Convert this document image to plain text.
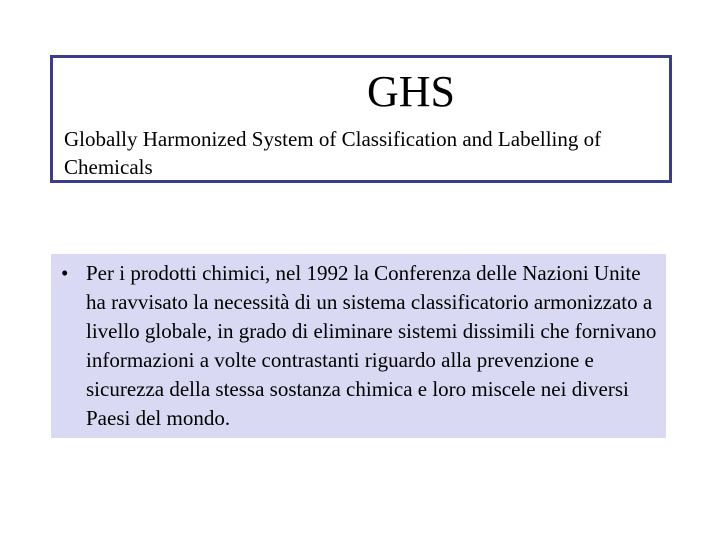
GHS
Globally Harmonized System of Classification and Labelling of Chemicals
• Per i prodotti chimici, nel 1992 la Conferenza delle Nazioni Unite ha ravvisato la necessità di un sistema classificatorio armonizzato a livello globale, in grado di eliminare sistemi dissimili che fornivano informazioni a volte contrastanti riguardo alla prevenzione e sicurezza della stessa sostanza chimica e loro miscele nei diversi Paesi del mondo.
